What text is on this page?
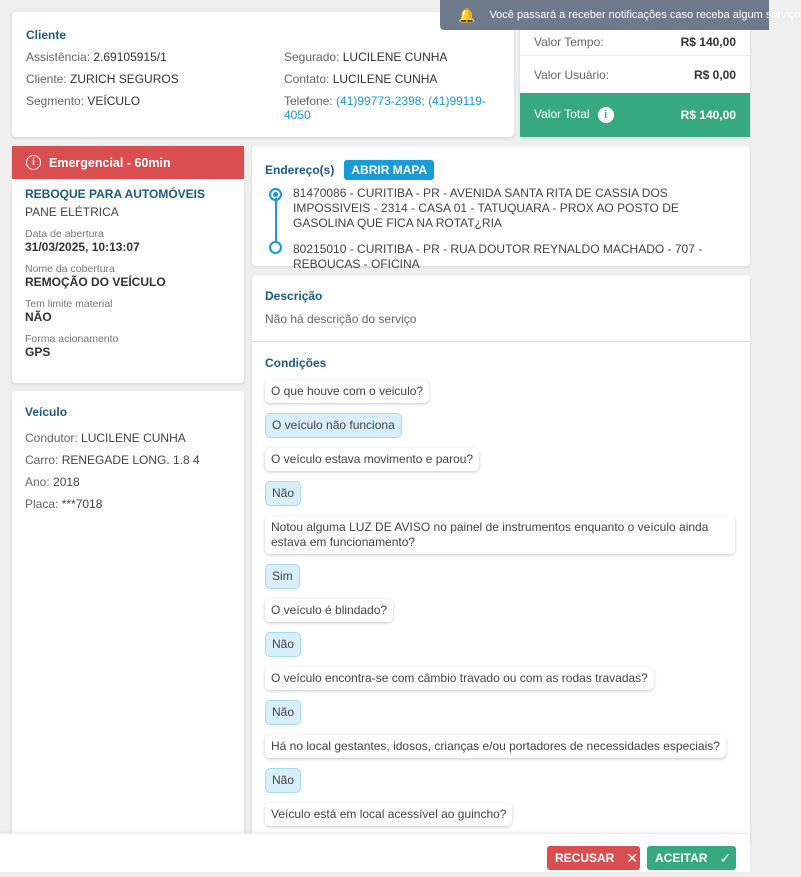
🔔 Você passará a receber notificações caso receba algum serviço
Cliente
Assistência: 2.69105915/1	Segurado: LUCILENE CUNHA
Cliente: ZURICH SEGUROS	Contato: LUCILENE CUNHA
Segmento: VEÍCULO	Telefone: (41)99773-2398; (41)99119-4050
Valor Tempo:	R$ 140,00
Valor Usuário:	R$ 0,00
Valor Total i	R$ 140,00
i	Emergencial - 60min
REBOQUE PARA AUTOMÓVEIS
PANE ELÉTRICA
Data de abertura
31/03/2025, 10:13:07
Nome da cobertura
REMOÇÃO DO VEÍCULO
Tem limite material
NÃO
Forma acionamento
GPS
Veículo
Condutor: LUCILENE CUNHA
Carro: RENEGADE LONG. 1.8 4
Ano: 2018
Placa: ***7018
Endereço(s) ABRIR MAPA

81470086 - CURITIBA - PR - AVENIDA SANTA RITA DE CASSIA DOS IMPOSSIVEIS - 2314 - CASA 01 - TATUQUARA - PROX AO POSTO DE GASOLINA QUE FICA NA ROTAT¿RIA

80215010 - CURITIBA - PR - RUA DOUTOR REYNALDO MACHADO - 707 - REBOUCAS - OFICINA

Descrição
Não há descrição do serviço
Condições
O que houve com o veiculo?
O veículo não funciona
O veículo estava movimento e parou?
Não
Notou alguma LUZ DE AVISO no painel de instrumentos enquanto o veículo ainda estava em funcionamento?
Sim
O veículo é blindado?
Não
O veículo encontra-se com câmbio travado ou com as rodas travadas?
Não
Há no local gestantes, idosos, crianças e/ou portadores de necessidades especiais?
Não
Veículo está em local acessível ao guincho?
RECUSAR ✕ ACEITAR ✓
